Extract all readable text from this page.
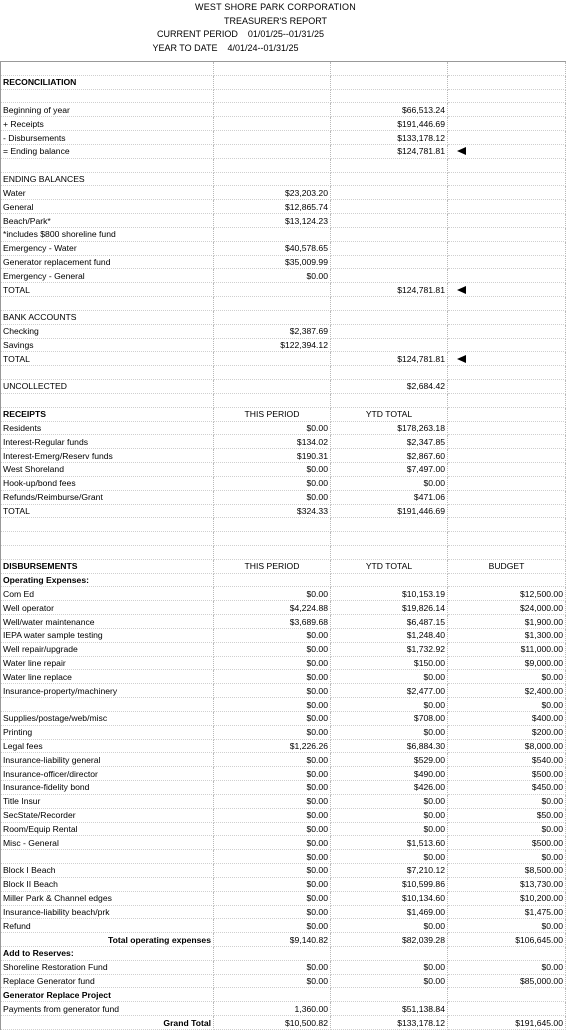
WEST SHORE PARK CORPORATION
TREASURER'S REPORT
CURRENT PERIOD 01/01/25--01/31/25
YEAR TO DATE 4/01/24--01/31/25

RECONCILIATION			

Beginning of year		$66,513.24	
+ Receipts		$191,446.69	
- Disbursements		$133,178.12	
= Ending balance		$124,781.81	

ENDING BALANCES			
Water	$23,203.20		
General	$12,865.74		
Beach/Park*	$13,124.23		
*includes $800 shoreline fund			
Emergency - Water	$40,578.65		
Generator replacement fund	$35,009.99		
Emergency - General	$0.00		
TOTAL		$124,781.81	

BANK ACCOUNTS			
Checking	$2,387.69		
Savings	$122,394.12		
TOTAL		$124,781.81	

UNCOLLECTED		$2,684.42	

RECEIPTS	THIS PERIOD	YTD TOTAL	
Residents	$0.00	$178,263.18	
Interest-Regular funds	$134.02	$2,347.85	
Interest-Emerg/Reserv funds	$190.31	$2,867.60	
West Shoreland	$0.00	$7,497.00	
Hook-up/bond fees	$0.00	$0.00	
Refunds/Reimburse/Grant	$0.00	$471.06	
TOTAL	$324.33	$191,446.69	

DISBURSEMENTS	THIS PERIOD	YTD TOTAL	BUDGET
Operating Expenses:			
Com Ed	$0.00	$10,153.19	$12,500.00
Well operator	$4,224.88	$19,826.14	$24,000.00
Well/water maintenance	$3,689.68	$6,487.15	$1,900.00
IEPA water sample testing	$0.00	$1,248.40	$1,300.00
Well repair/upgrade	$0.00	$1,732.92	$11,000.00
Water line repair	$0.00	$150.00	$9,000.00
Water line replace	$0.00	$0.00	$0.00
Insurance-property/machinery	$0.00	$2,477.00	$2,400.00
	$0.00	$0.00	$0.00
Supplies/postage/web/misc	$0.00	$708.00	$400.00
Printing	$0.00	$0.00	$200.00
Legal fees	$1,226.26	$6,884.30	$8,000.00
Insurance-liability general	$0.00	$529.00	$540.00
Insurance-officer/director	$0.00	$490.00	$500.00
Insurance-fidelity bond	$0.00	$426.00	$450.00
Title Insur	$0.00	$0.00	$0.00
SecState/Recorder	$0.00	$0.00	$50.00
Room/Equip Rental	$0.00	$0.00	$0.00
Misc - General	$0.00	$1,513.60	$500.00
	$0.00	$0.00	$0.00
Block I Beach	$0.00	$7,210.12	$8,500.00
Block II Beach	$0.00	$10,599.86	$13,730.00
Miller Park & Channel edges	$0.00	$10,134.60	$10,200.00
Insurance-liability beach/prk	$0.00	$1,469.00	$1,475.00
Refund	$0.00	$0.00	$0.00
Total operating expenses	$9,140.82	$82,039.28	$106,645.00
Add to Reserves:			
Shoreline Restoration Fund	$0.00	$0.00	$0.00
Replace Generator fund	$0.00	$0.00	$85,000.00
Generator Replace Project			
Payments from generator fund	1,360.00	$51,138.84	
Grand Total	$10,500.82	$133,178.12	$191,645.00
